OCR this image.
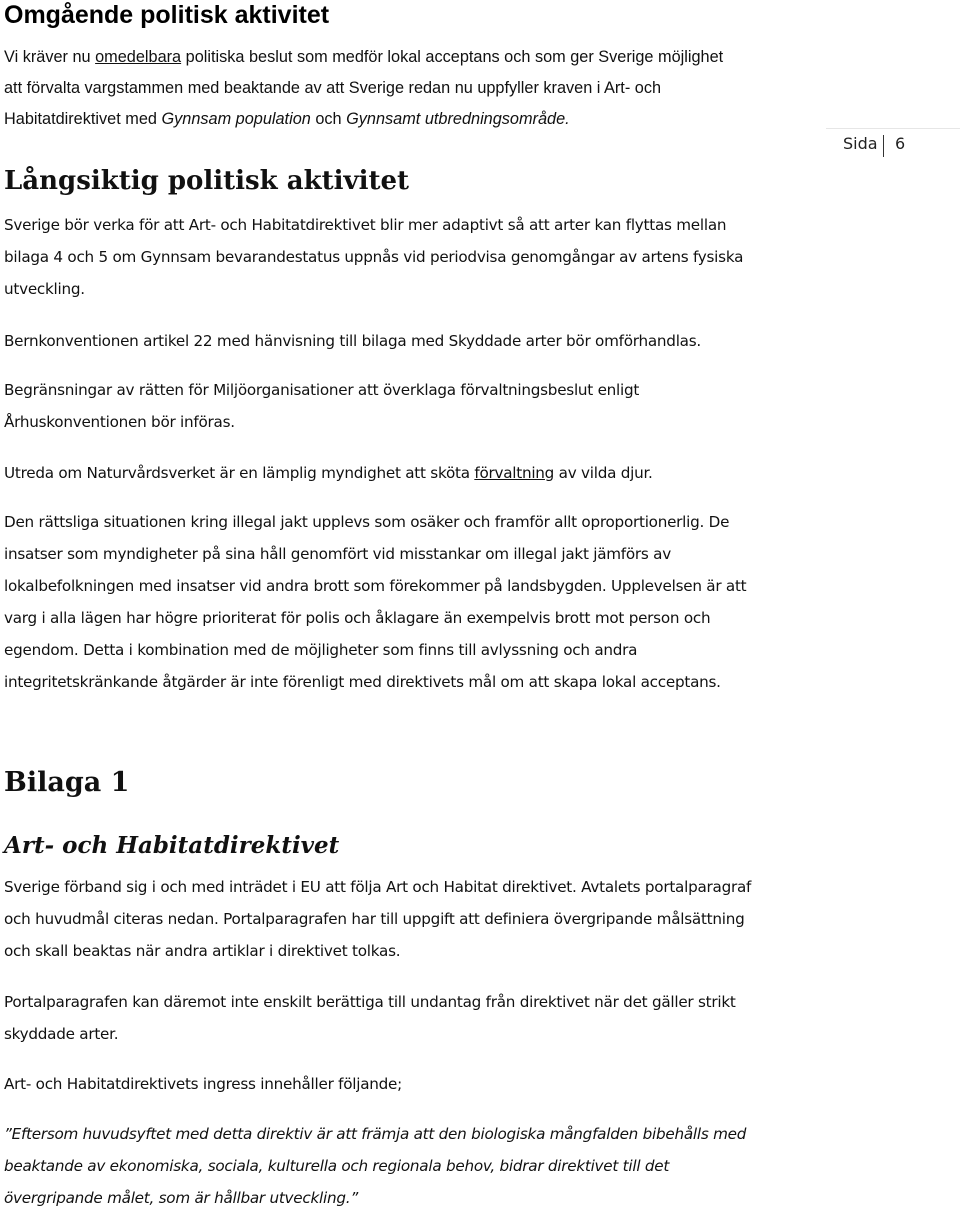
Omgående politisk aktivitet
Vi kräver nu omedelbara politiska beslut som medför lokal acceptans och som ger Sverige möjlighet
att förvalta vargstammen med beaktande av att Sverige redan nu uppfyller kraven i Art- och
Habitatdirektivet med Gynnsam population och Gynnsamt utbredningsområde.
Sida 6
Långsiktig politisk aktivitet
Sverige bör verka för att Art- och Habitatdirektivet blir mer adaptivt så att arter kan flyttas mellan
bilaga 4 och 5 om Gynnsam bevarandestatus uppnås vid periodvisa genomgångar av artens fysiska
utveckling.
Bernkonventionen artikel 22 med hänvisning till bilaga med Skyddade arter bör omförhandlas.
Begränsningar av rätten för Miljöorganisationer att överklaga förvaltningsbeslut enligt
Århuskonventionen bör införas.
Utreda om Naturvårdsverket är en lämplig myndighet att sköta förvaltning av vilda djur.
Den rättsliga situationen kring illegal jakt upplevs som osäker och framför allt oproportionerlig. De
insatser som myndigheter på sina håll genomfört vid misstankar om illegal jakt jämförs av
lokalbefolkningen med insatser vid andra brott som förekommer på landsbygden. Upplevelsen är att
varg i alla lägen har högre prioriterat för polis och åklagare än exempelvis brott mot person och
egendom. Detta i kombination med de möjligheter som finns till avlyssning och andra
integritetskränkande åtgärder är inte förenligt med direktivets mål om att skapa lokal acceptans.
Bilaga 1
Art- och Habitatdirektivet
Sverige förband sig i och med inträdet i EU att följa Art och Habitat direktivet. Avtalets portalparagraf
och huvudmål citeras nedan. Portalparagrafen har till uppgift att definiera övergripande målsättning
och skall beaktas när andra artiklar i direktivet tolkas.
Portalparagrafen kan däremot inte enskilt berättiga till undantag från direktivet när det gäller strikt
skyddade arter.
Art- och Habitatdirektivets ingress innehåller följande;
”Eftersom huvudsyftet med detta direktiv är att främja att den biologiska mångfalden bibehålls med
beaktande av ekonomiska, sociala, kulturella och regionala behov, bidrar direktivet till det
övergripande målet, som är hållbar utveckling.”
